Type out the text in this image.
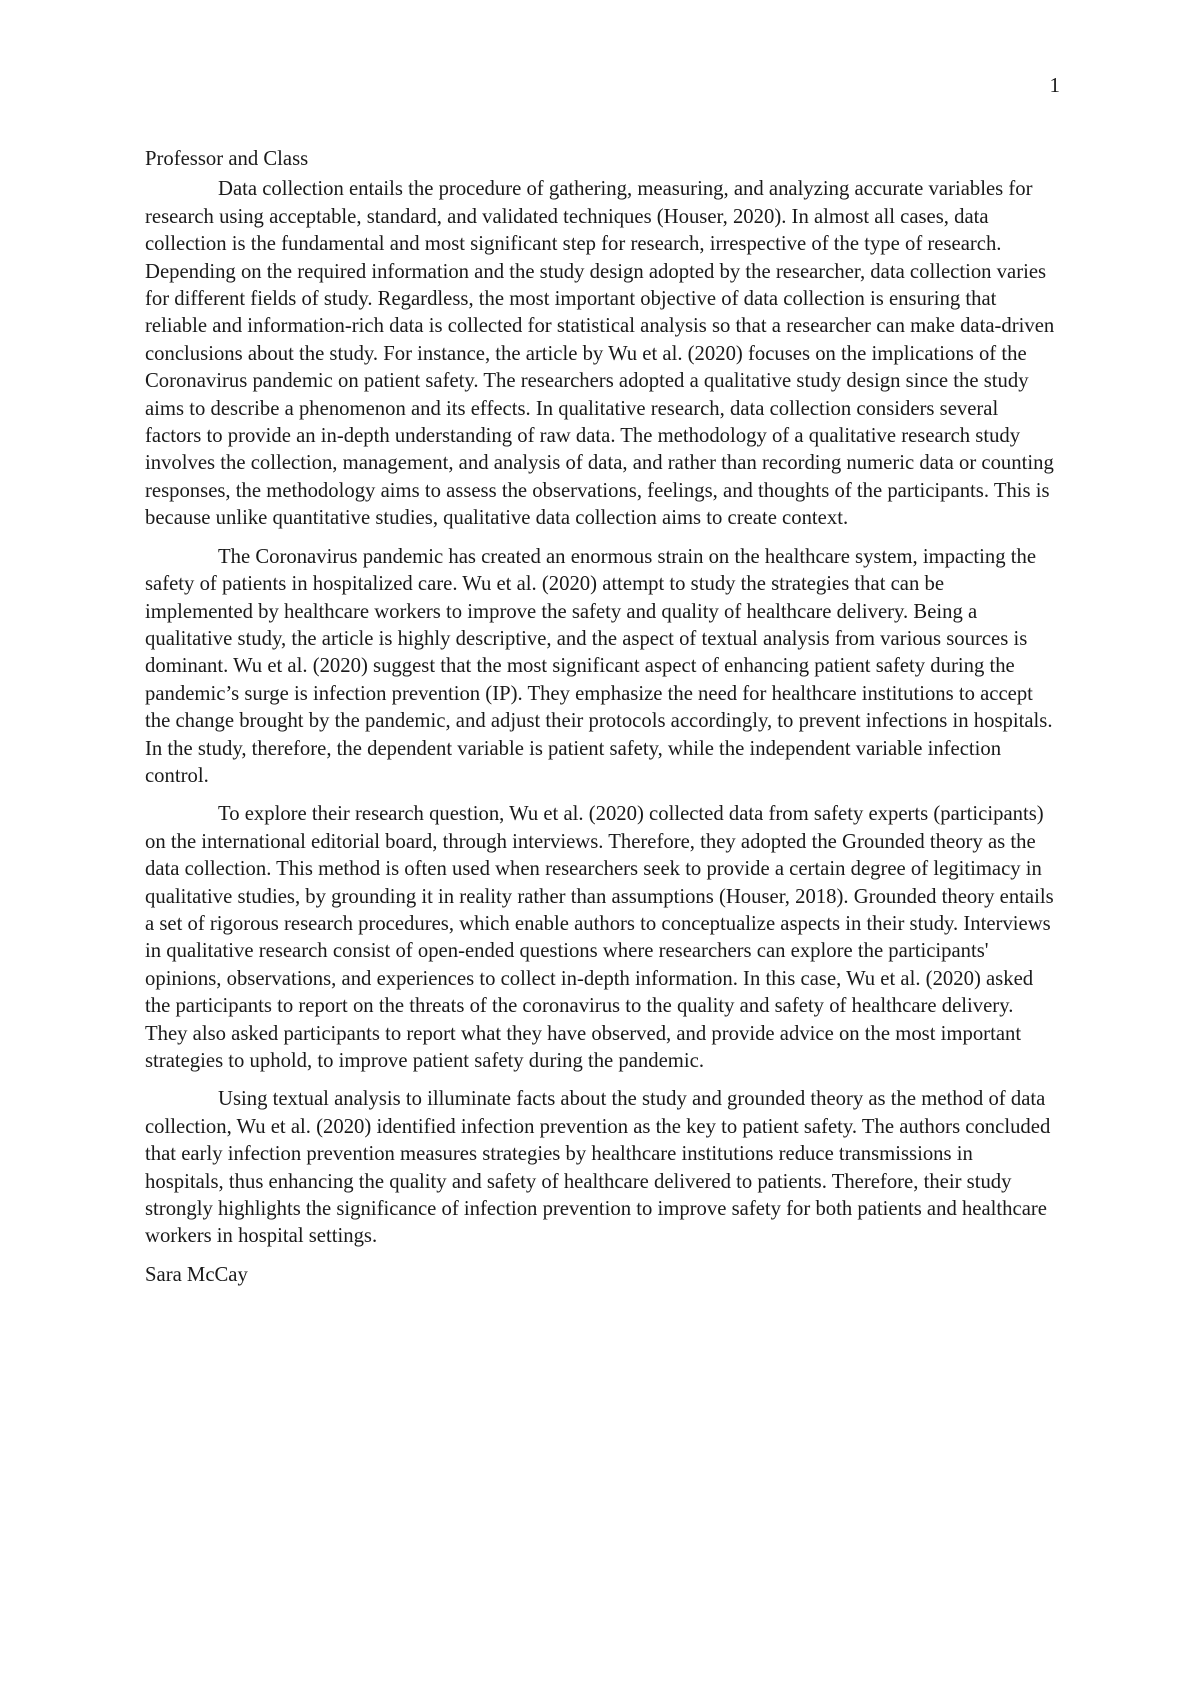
1

Professor and Class

Data collection entails the procedure of gathering, measuring, and analyzing accurate variables for research using acceptable, standard, and validated techniques (Houser, 2020). In almost all cases, data collection is the fundamental and most significant step for research, irrespective of the type of research. Depending on the required information and the study design adopted by the researcher, data collection varies for different fields of study. Regardless, the most important objective of data collection is ensuring that reliable and information-rich data is collected for statistical analysis so that a researcher can make data-driven conclusions about the study. For instance, the article by Wu et al. (2020) focuses on the implications of the Coronavirus pandemic on patient safety. The researchers adopted a qualitative study design since the study aims to describe a phenomenon and its effects. In qualitative research, data collection considers several factors to provide an in-depth understanding of raw data. The methodology of a qualitative research study involves the collection, management, and analysis of data, and rather than recording numeric data or counting responses, the methodology aims to assess the observations, feelings, and thoughts of the participants. This is because unlike quantitative studies, qualitative data collection aims to create context.

The Coronavirus pandemic has created an enormous strain on the healthcare system, impacting the safety of patients in hospitalized care. Wu et al. (2020) attempt to study the strategies that can be implemented by healthcare workers to improve the safety and quality of healthcare delivery. Being a qualitative study, the article is highly descriptive, and the aspect of textual analysis from various sources is dominant. Wu et al. (2020) suggest that the most significant aspect of enhancing patient safety during the pandemic’s surge is infection prevention (IP). They emphasize the need for healthcare institutions to accept the change brought by the pandemic, and adjust their protocols accordingly, to prevent infections in hospitals. In the study, therefore, the dependent variable is patient safety, while the independent variable infection control.

To explore their research question, Wu et al. (2020) collected data from safety experts (participants) on the international editorial board, through interviews. Therefore, they adopted the Grounded theory as the data collection. This method is often used when researchers seek to provide a certain degree of legitimacy in qualitative studies, by grounding it in reality rather than assumptions (Houser, 2018). Grounded theory entails a set of rigorous research procedures, which enable authors to conceptualize aspects in their study. Interviews in qualitative research consist of open-ended questions where researchers can explore the participants' opinions, observations, and experiences to collect in-depth information. In this case, Wu et al. (2020) asked the participants to report on the threats of the coronavirus to the quality and safety of healthcare delivery. They also asked participants to report what they have observed, and provide advice on the most important strategies to uphold, to improve patient safety during the pandemic.

Using textual analysis to illuminate facts about the study and grounded theory as the method of data collection, Wu et al. (2020) identified infection prevention as the key to patient safety. The authors concluded that early infection prevention measures strategies by healthcare institutions reduce transmissions in hospitals, thus enhancing the quality and safety of healthcare delivered to patients. Therefore, their study strongly highlights the significance of infection prevention to improve safety for both patients and healthcare workers in hospital settings.

Sara McCay
